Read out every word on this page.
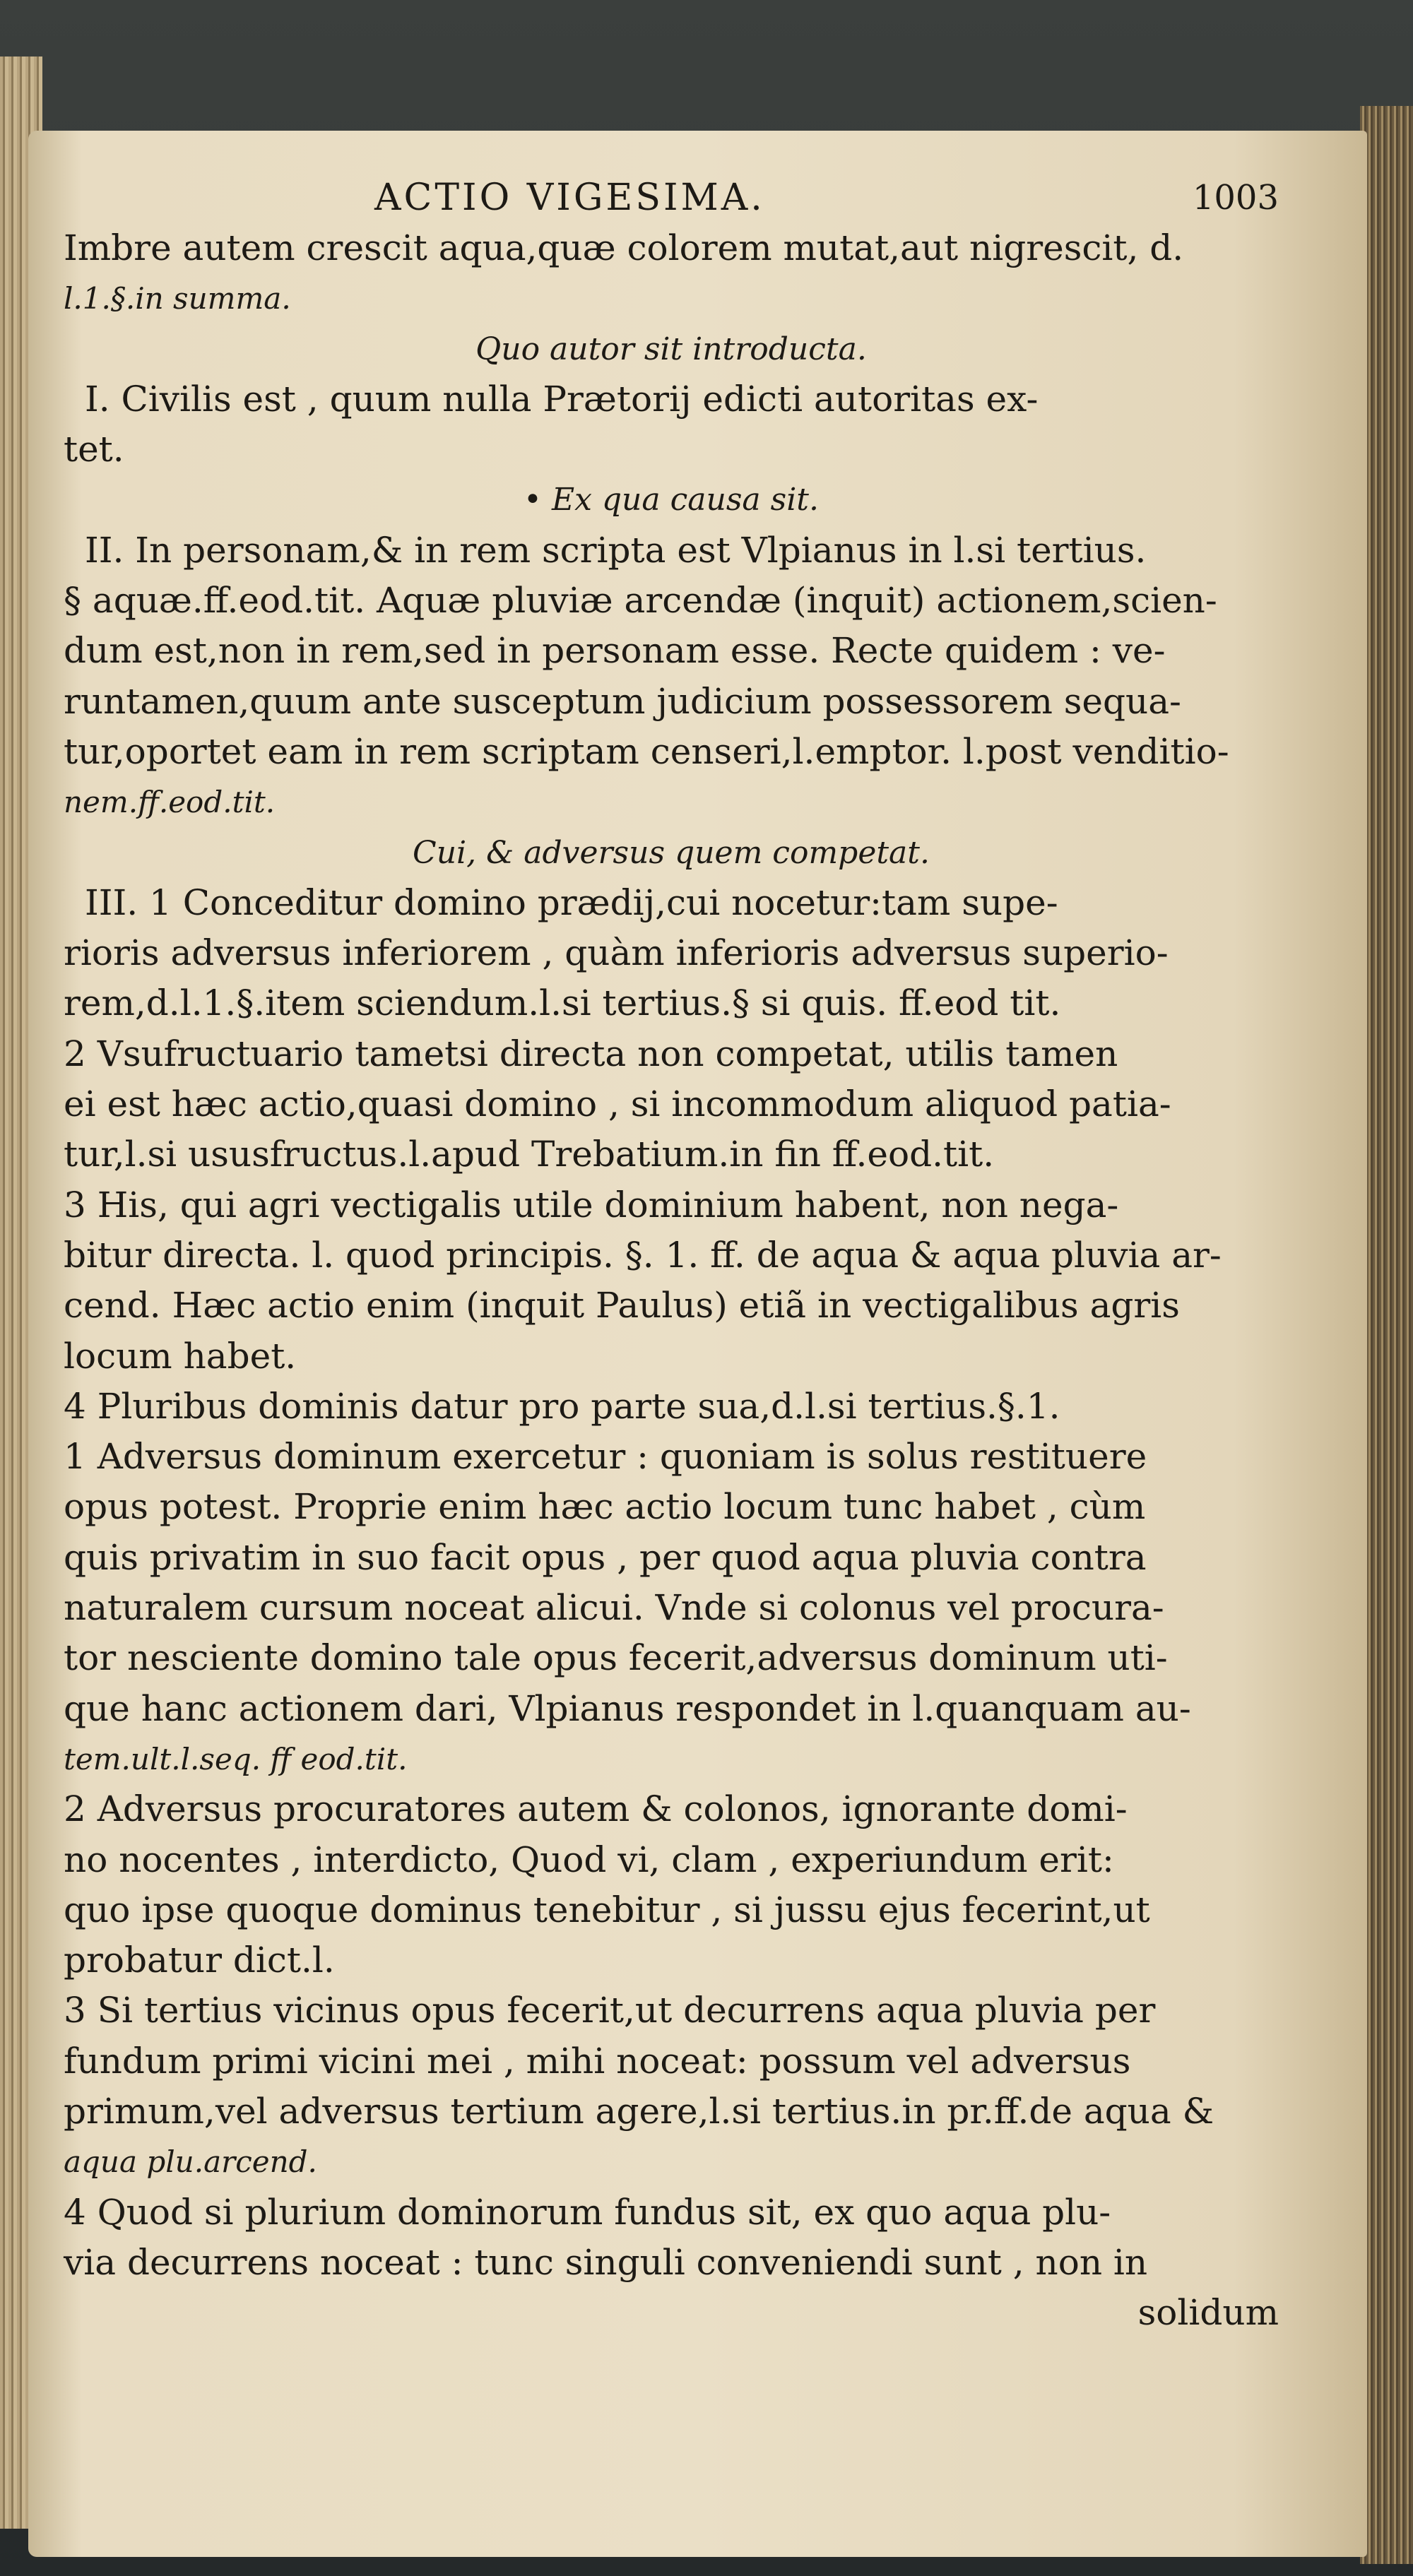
ACTIO VIGESIMA.	1003
Imbre autem crescit aqua,quæ colorem mutat,aut nigrescit, d.
l.1.§.in summa.
Quo autor sit introducta.
I. Civilis est , quum nulla Prætorij edicti autoritas ex-
tet.
• Ex qua causa sit.
II. In personam,& in rem scripta est Vlpianus in l.si tertius.
§ aquæ.ff.eod.tit. Aquæ pluviæ arcendæ (inquit) actionem,scien-
dum est,non in rem,sed in personam esse. Recte quidem : ve-
runtamen,quum ante susceptum judicium possessorem sequa-
tur,oportet eam in rem scriptam censeri,l.emptor. l.post venditio-
nem.ff.eod.tit.
Cui, & adversus quem competat.
III. 1 Conceditur domino prædij,cui nocetur:tam supe-
rioris adversus inferiorem , quàm inferioris adversus superio-
rem,d.l.1.§.item sciendum.l.si tertius.§ si quis. ff.eod tit.
2 Vsufructuario tametsi directa non competat, utilis tamen
ei est hæc actio,quasi domino , si incommodum aliquod patia-
tur,l.si ususfructus.l.apud Trebatium.in fin ff.eod.tit.
3 His, qui agri vectigalis utile dominium habent, non nega-
bitur directa. l. quod principis. §. 1. ff. de aqua & aqua pluvia ar-
cend. Hæc actio enim (inquit Paulus) etiã in vectigalibus agris
locum habet.
4 Pluribus dominis datur pro parte sua,d.l.si tertius.§.1.
1 Adversus dominum exercetur : quoniam is solus restituere
opus potest. Proprie enim hæc actio locum tunc habet , cùm
quis privatim in suo facit opus , per quod aqua pluvia contra
naturalem cursum noceat alicui. Vnde si colonus vel procura-
tor nesciente domino tale opus fecerit,adversus dominum uti-
que hanc actionem dari, Vlpianus respondet in l.quanquam au-
tem.ult.l.seq. ff eod.tit.
2 Adversus procuratores autem & colonos, ignorante domi-
no nocentes , interdicto, Quod vi, clam , experiundum erit:
quo ipse quoque dominus tenebitur , si jussu ejus fecerint,ut
probatur dict.l.
3 Si tertius vicinus opus fecerit,ut decurrens aqua pluvia per
fundum primi vicini mei , mihi noceat: possum vel adversus
primum,vel adversus tertium agere,l.si tertius.in pr.ff.de aqua &
aqua plu.arcend.
4 Quod si plurium dominorum fundus sit, ex quo aqua plu-
via decurrens noceat : tunc singuli conveniendi sunt , non in
solidum
